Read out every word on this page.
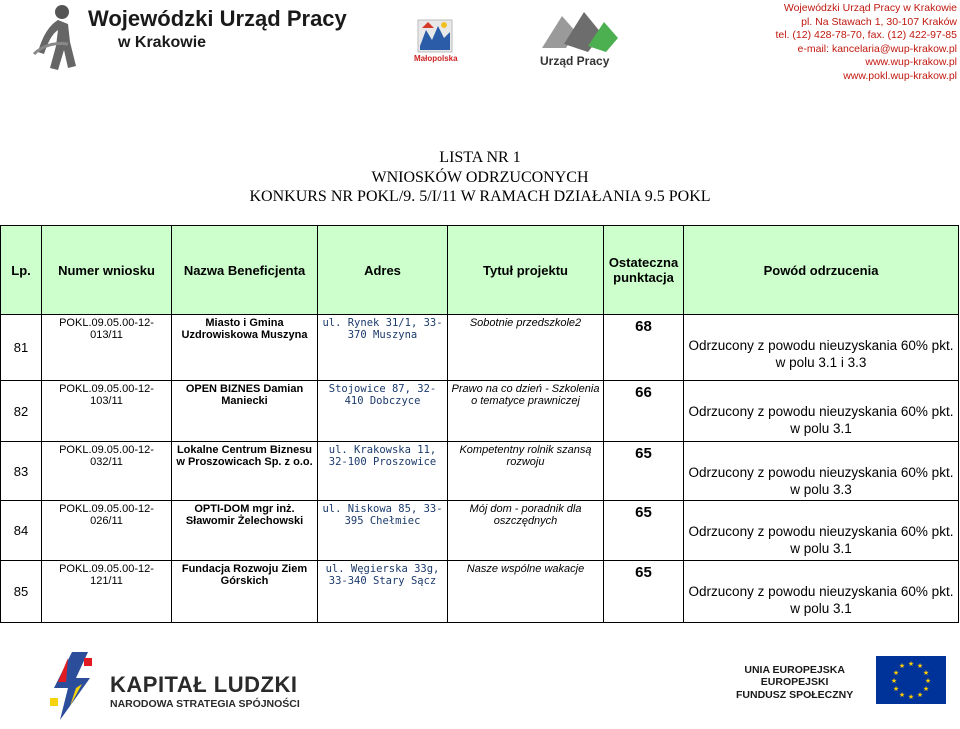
Wojewódzki Urząd Pracy
w Krakowie
Małopolska	Urząd Pracy
Wojewódzki Urząd Pracy w Krakowie
pl. Na Stawach 1, 30-107 Kraków
tel. (12) 428-78-70, fax. (12) 422-97-85
e-mail: kancelaria@wup-krakow.pl
www.wup-krakow.pl
www.pokl.wup-krakow.pl
LISTA NR 1
WNIOSKÓW ODRZUCONYCH
KONKURS NR POKL/9. 5/I/11 W RAMACH DZIAŁANIA 9.5 POKL
Lp.	Numer wniosku	Nazwa Beneficjenta	Adres	Tytuł projektu	Ostateczna punktacja	Powód odrzucenia
81	POKL.09.05.00-12-013/11	Miasto i Gmina Uzdrowiskowa Muszyna	ul. Rynek 31/1, 33-370 Muszyna	Sobotnie przedszkole2	68	Odrzucony z powodu nieuzyskania 60% pkt. w polu 3.1 i 3.3
82	POKL.09.05.00-12-103/11	OPEN BIZNES Damian Maniecki	Stojowice 87, 32-410 Dobczyce	Prawo na co dzień - Szkolenia o tematyce prawniczej	66	Odrzucony z powodu nieuzyskania 60% pkt. w polu 3.1
83	POKL.09.05.00-12-032/11	Lokalne Centrum Biznesu w Proszowicach Sp. z o.o.	ul. Krakowska 11, 32-100 Proszowice	Kompetentny rolnik szansą rozwoju	65	Odrzucony z powodu nieuzyskania 60% pkt. w polu 3.3
84	POKL.09.05.00-12-026/11	OPTI-DOM mgr inż. Sławomir Żelechowski	ul. Niskowa 85, 33-395 Chełmiec	Mój dom - poradnik dla oszczędnych	65	Odrzucony z powodu nieuzyskania 60% pkt. w polu 3.1
85	POKL.09.05.00-12-121/11	Fundacja Rozwoju Ziem Górskich	ul. Węgierska 33g, 33-340 Stary Sącz	Nasze wspólne wakacje	65	Odrzucony z powodu nieuzyskania 60% pkt. w polu 3.1
KAPITAŁ LUDZKI
NARODOWA STRATEGIA SPÓJNOŚCI
UNIA EUROPEJSKA
EUROPEJSKI
FUNDUSZ SPOŁECZNY
★ ★
★
★
★
★
★
★
★
★
★
★
